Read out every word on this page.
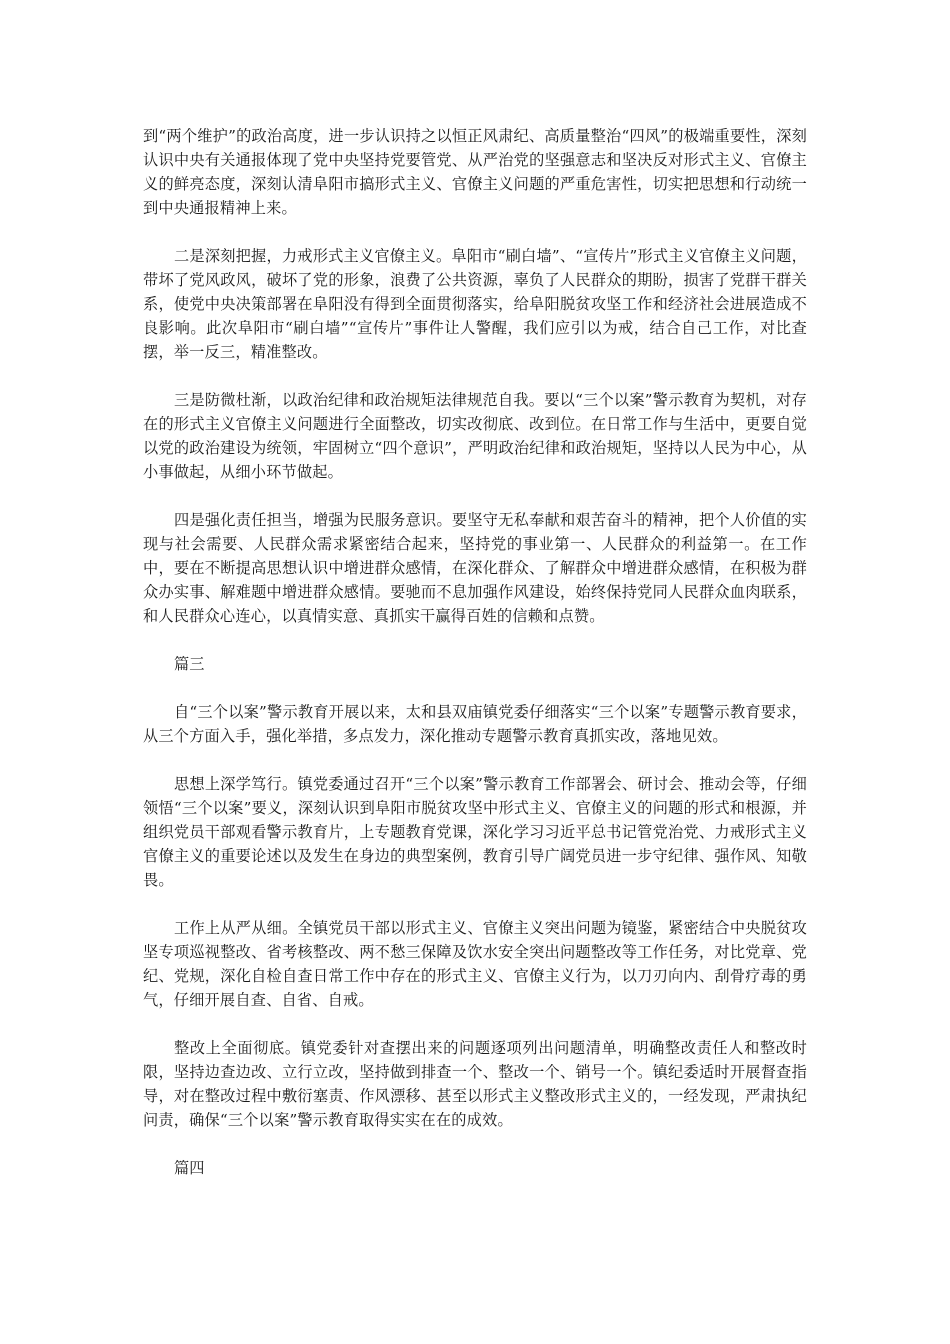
到“两个维护”的政治高度，进一步认识持之以恒正风肃纪、高质量整治“四风”的极端重要性，深刻认识中央有关通报体现了党中央坚持党要管党、从严治党的坚强意志和坚决反对形式主义、官僚主义的鲜亮态度，深刻认清阜阳市搞形式主义、官僚主义问题的严重危害性，切实把思想和行动统一到中央通报精神上来。

二是深刻把握，力戒形式主义官僚主义。阜阳市“刷白墙”、“宣传片”形式主义官僚主义问题，带坏了党风政风，破坏了党的形象，浪费了公共资源，辜负了人民群众的期盼，损害了党群干群关系，使党中央决策部署在阜阳没有得到全面贯彻落实，给阜阳脱贫攻坚工作和经济社会进展造成不良影响。此次阜阳市“刷白墙”“宣传片”事件让人警醒，我们应引以为戒，结合自己工作，对比查摆，举一反三，精准整改。

三是防微杜渐，以政治纪律和政治规矩法律规范自我。要以“三个以案”警示教育为契机，对存在的形式主义官僚主义问题进行全面整改，切实改彻底、改到位。在日常工作与生活中，更要自觉以党的政治建设为统领，牢固树立“四个意识”，严明政治纪律和政治规矩，坚持以人民为中心，从小事做起，从细小环节做起。

四是强化责任担当，增强为民服务意识。要坚守无私奉献和艰苦奋斗的精神，把个人价值的实现与社会需要、人民群众需求紧密结合起来，坚持党的事业第一、人民群众的利益第一。在工作中，要在不断提高思想认识中增进群众感情，在深化群众、了解群众中增进群众感情，在积极为群众办实事、解难题中增进群众感情。要驰而不息加强作风建设，始终保持党同人民群众血肉联系，和人民群众心连心，以真情实意、真抓实干赢得百姓的信赖和点赞。

篇三

自“三个以案”警示教育开展以来，太和县双庙镇党委仔细落实“三个以案”专题警示教育要求，从三个方面入手，强化举措，多点发力，深化推动专题警示教育真抓实改，落地见效。

思想上深学笃行。镇党委通过召开“三个以案”警示教育工作部署会、研讨会、推动会等，仔细领悟“三个以案”要义，深刻认识到阜阳市脱贫攻坚中形式主义、官僚主义的问题的形式和根源，并组织党员干部观看警示教育片，上专题教育党课，深化学习习近平总书记管党治党、力戒形式主义官僚主义的重要论述以及发生在身边的典型案例，教育引导广阔党员进一步守纪律、强作风、知敬畏。

工作上从严从细。全镇党员干部以形式主义、官僚主义突出问题为镜鉴，紧密结合中央脱贫攻坚专项巡视整改、省考核整改、两不愁三保障及饮水安全突出问题整改等工作任务，对比党章、党纪、党规，深化自检自查日常工作中存在的形式主义、官僚主义行为，以刀刃向内、刮骨疗毒的勇气，仔细开展自查、自省、自戒。

整改上全面彻底。镇党委针对查摆出来的问题逐项列出问题清单，明确整改责任人和整改时限，坚持边查边改、立行立改，坚持做到排查一个、整改一个、销号一个。镇纪委适时开展督查指导，对在整改过程中敷衍塞责、作风漂移、甚至以形式主义整改形式主义的，一经发现，严肃执纪问责，确保“三个以案”警示教育取得实实在在的成效。

篇四
